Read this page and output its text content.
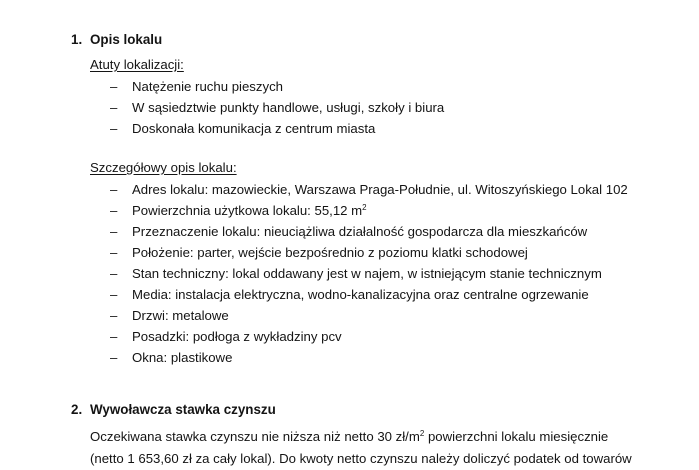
1. Opis lokalu
Atuty lokalizacji:
– Natężenie ruchu pieszych
– W sąsiedztwie punkty handlowe, usługi, szkoły i biura
– Doskonała komunikacja z centrum miasta
Szczegółowy opis lokalu:
– Adres lokalu: mazowieckie, Warszawa Praga-Południe, ul. Witoszyńskiego Lokal 102
– Powierzchnia użytkowa lokalu: 55,12 $m^2$
– Przeznaczenie lokalu: nieuciążliwa działalność gospodarcza dla mieszkańców
– Położenie: parter, wejście bezpośrednio z poziomu klatki schodowej
– Stan techniczny: lokal oddawany jest w najem, w istniejącym stanie technicznym
– Media: instalacja elektryczna, wodno-kanalizacyjna oraz centralne ogrzewanie
– Drzwi: metalowe
– Posadzki: podłoga z wykładziny pcv
– Okna: plastikowe
2. Wywoławcza stawka czynszu
Oczekiwana stawka czynszu nie niższa niż netto 30 $zł/m^2$ powierzchni lokalu miesięcznie
(netto 1 653,60 zł za cały lokal). Do kwoty netto czynszu należy doliczyć podatek od towarów
